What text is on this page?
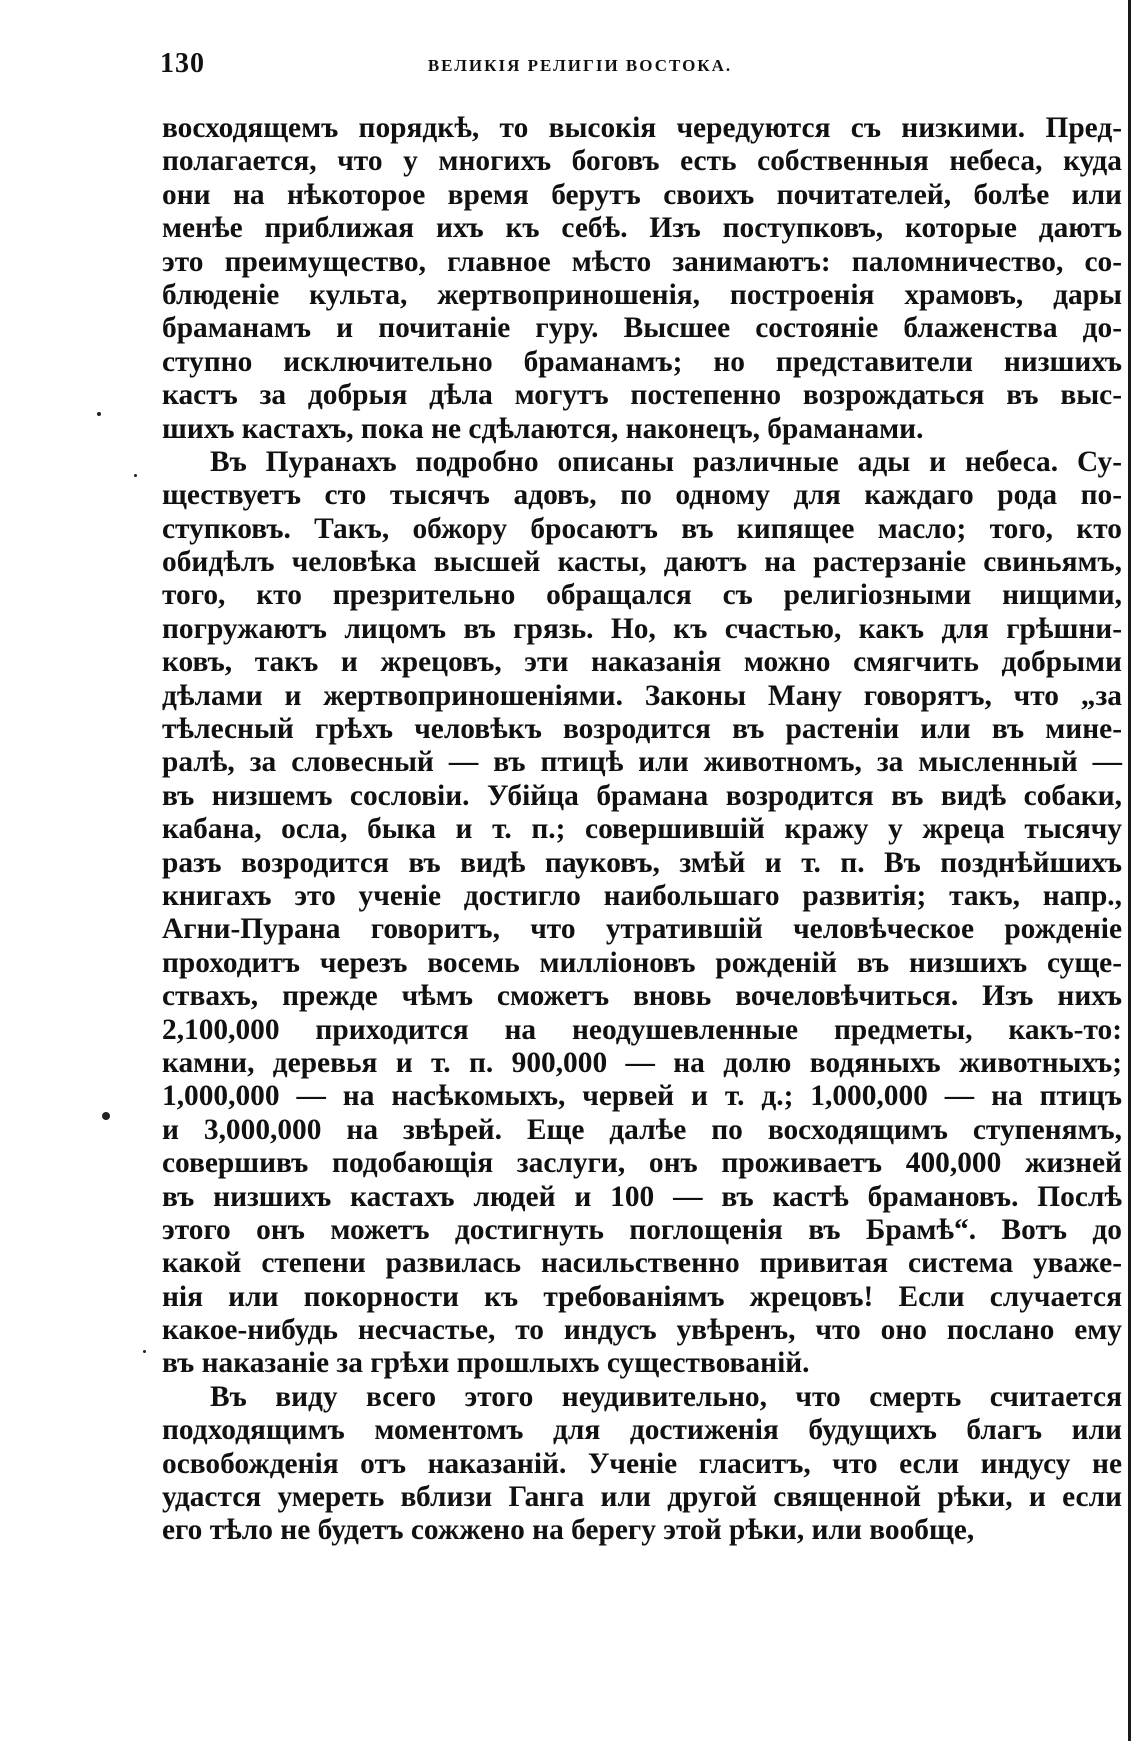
130	ВЕЛИКІЯ РЕЛИГІИ ВОСТОКА.
восходящемъ порядкѣ, то высокія чередуются съ низкими. Пред-
полагается, что у многихъ боговъ есть собственныя небеса, куда
они на нѣкоторое время берутъ своихъ почитателей, болѣе или
менѣе приближая ихъ къ себѣ. Изъ поступковъ, которые даютъ
это преимущество, главное мѣсто занимаютъ: паломничество, со-
блюденіе культа, жертвоприношенія, построенія храмовъ, дары
браманамъ и почитаніе гуру. Высшее состояніе блаженства до-
ступно исключительно браманамъ; но представители низшихъ
кастъ за добрыя дѣла могутъ постепенно возрождаться въ выс-
шихъ кастахъ, пока не сдѣлаются, наконецъ, браманами.
Въ Пуранахъ подробно описаны различные ады и небеса. Су-
ществуетъ сто тысячъ адовъ, по одному для каждаго рода по-
ступковъ. Такъ, обжору бросаютъ въ кипящее масло; того, кто
обидѣлъ человѣка высшей касты, даютъ на растерзаніе свиньямъ,
того, кто презрительно обращался съ религіозными нищими,
погружаютъ лицомъ въ грязь. Но, къ счастью, какъ для грѣшни-
ковъ, такъ и жрецовъ, эти наказанія можно смягчить добрыми
дѣлами и жертвоприношеніями. Законы Ману говорятъ, что „за
тѣлесный грѣхъ человѣкъ возродится въ растеніи или въ мине-
ралѣ, за словесный — въ птицѣ или животномъ, за мысленный —
въ низшемъ сословіи. Убійца брамана возродится въ видѣ собаки,
кабана, осла, быка и т. п.; совершившій кражу у жреца тысячу
разъ возродится въ видѣ пауковъ, змѣй и т. п. Въ позднѣйшихъ
книгахъ это ученіе достигло наибольшаго развитія; такъ, напр.,
Агни-Пурана говоритъ, что утратившій человѣческое рожденіе
проходитъ черезъ восемь милліоновъ рожденій въ низшихъ суще-
ствахъ, прежде чѣмъ сможетъ вновь вочеловѣчиться. Изъ нихъ
2,100,000 приходится на неодушевленные предметы, какъ-то:
камни, деревья и т. п. 900,000 — на долю водяныхъ животныхъ;
1,000,000 — на насѣкомыхъ, червей и т. д.; 1,000,000 — на птицъ
и 3,000,000 на звѣрей. Еще далѣе по восходящимъ ступенямъ,
совершивъ подобающія заслуги, онъ проживаетъ 400,000 жизней
въ низшихъ кастахъ людей и 100 — въ кастѣ брамановъ. Послѣ
этого онъ можетъ достигнуть поглощенія въ Брамѣ“. Вотъ до
какой степени развилась насильственно привитая система уваже-
нія или покорности къ требованіямъ жрецовъ! Если случается
какое-нибудь несчастье, то индусъ увѣренъ, что оно послано ему
въ наказаніе за грѣхи прошлыхъ существованій.
Въ виду всего этого неудивительно, что смерть считается
подходящимъ моментомъ для достиженія будущихъ благъ или
освобожденія отъ наказаній. Ученіе гласитъ, что если индусу не
удастся умереть вблизи Ганга или другой священной рѣки, и если
его тѣло не будетъ сожжено на берегу этой рѣки, или вообще,
